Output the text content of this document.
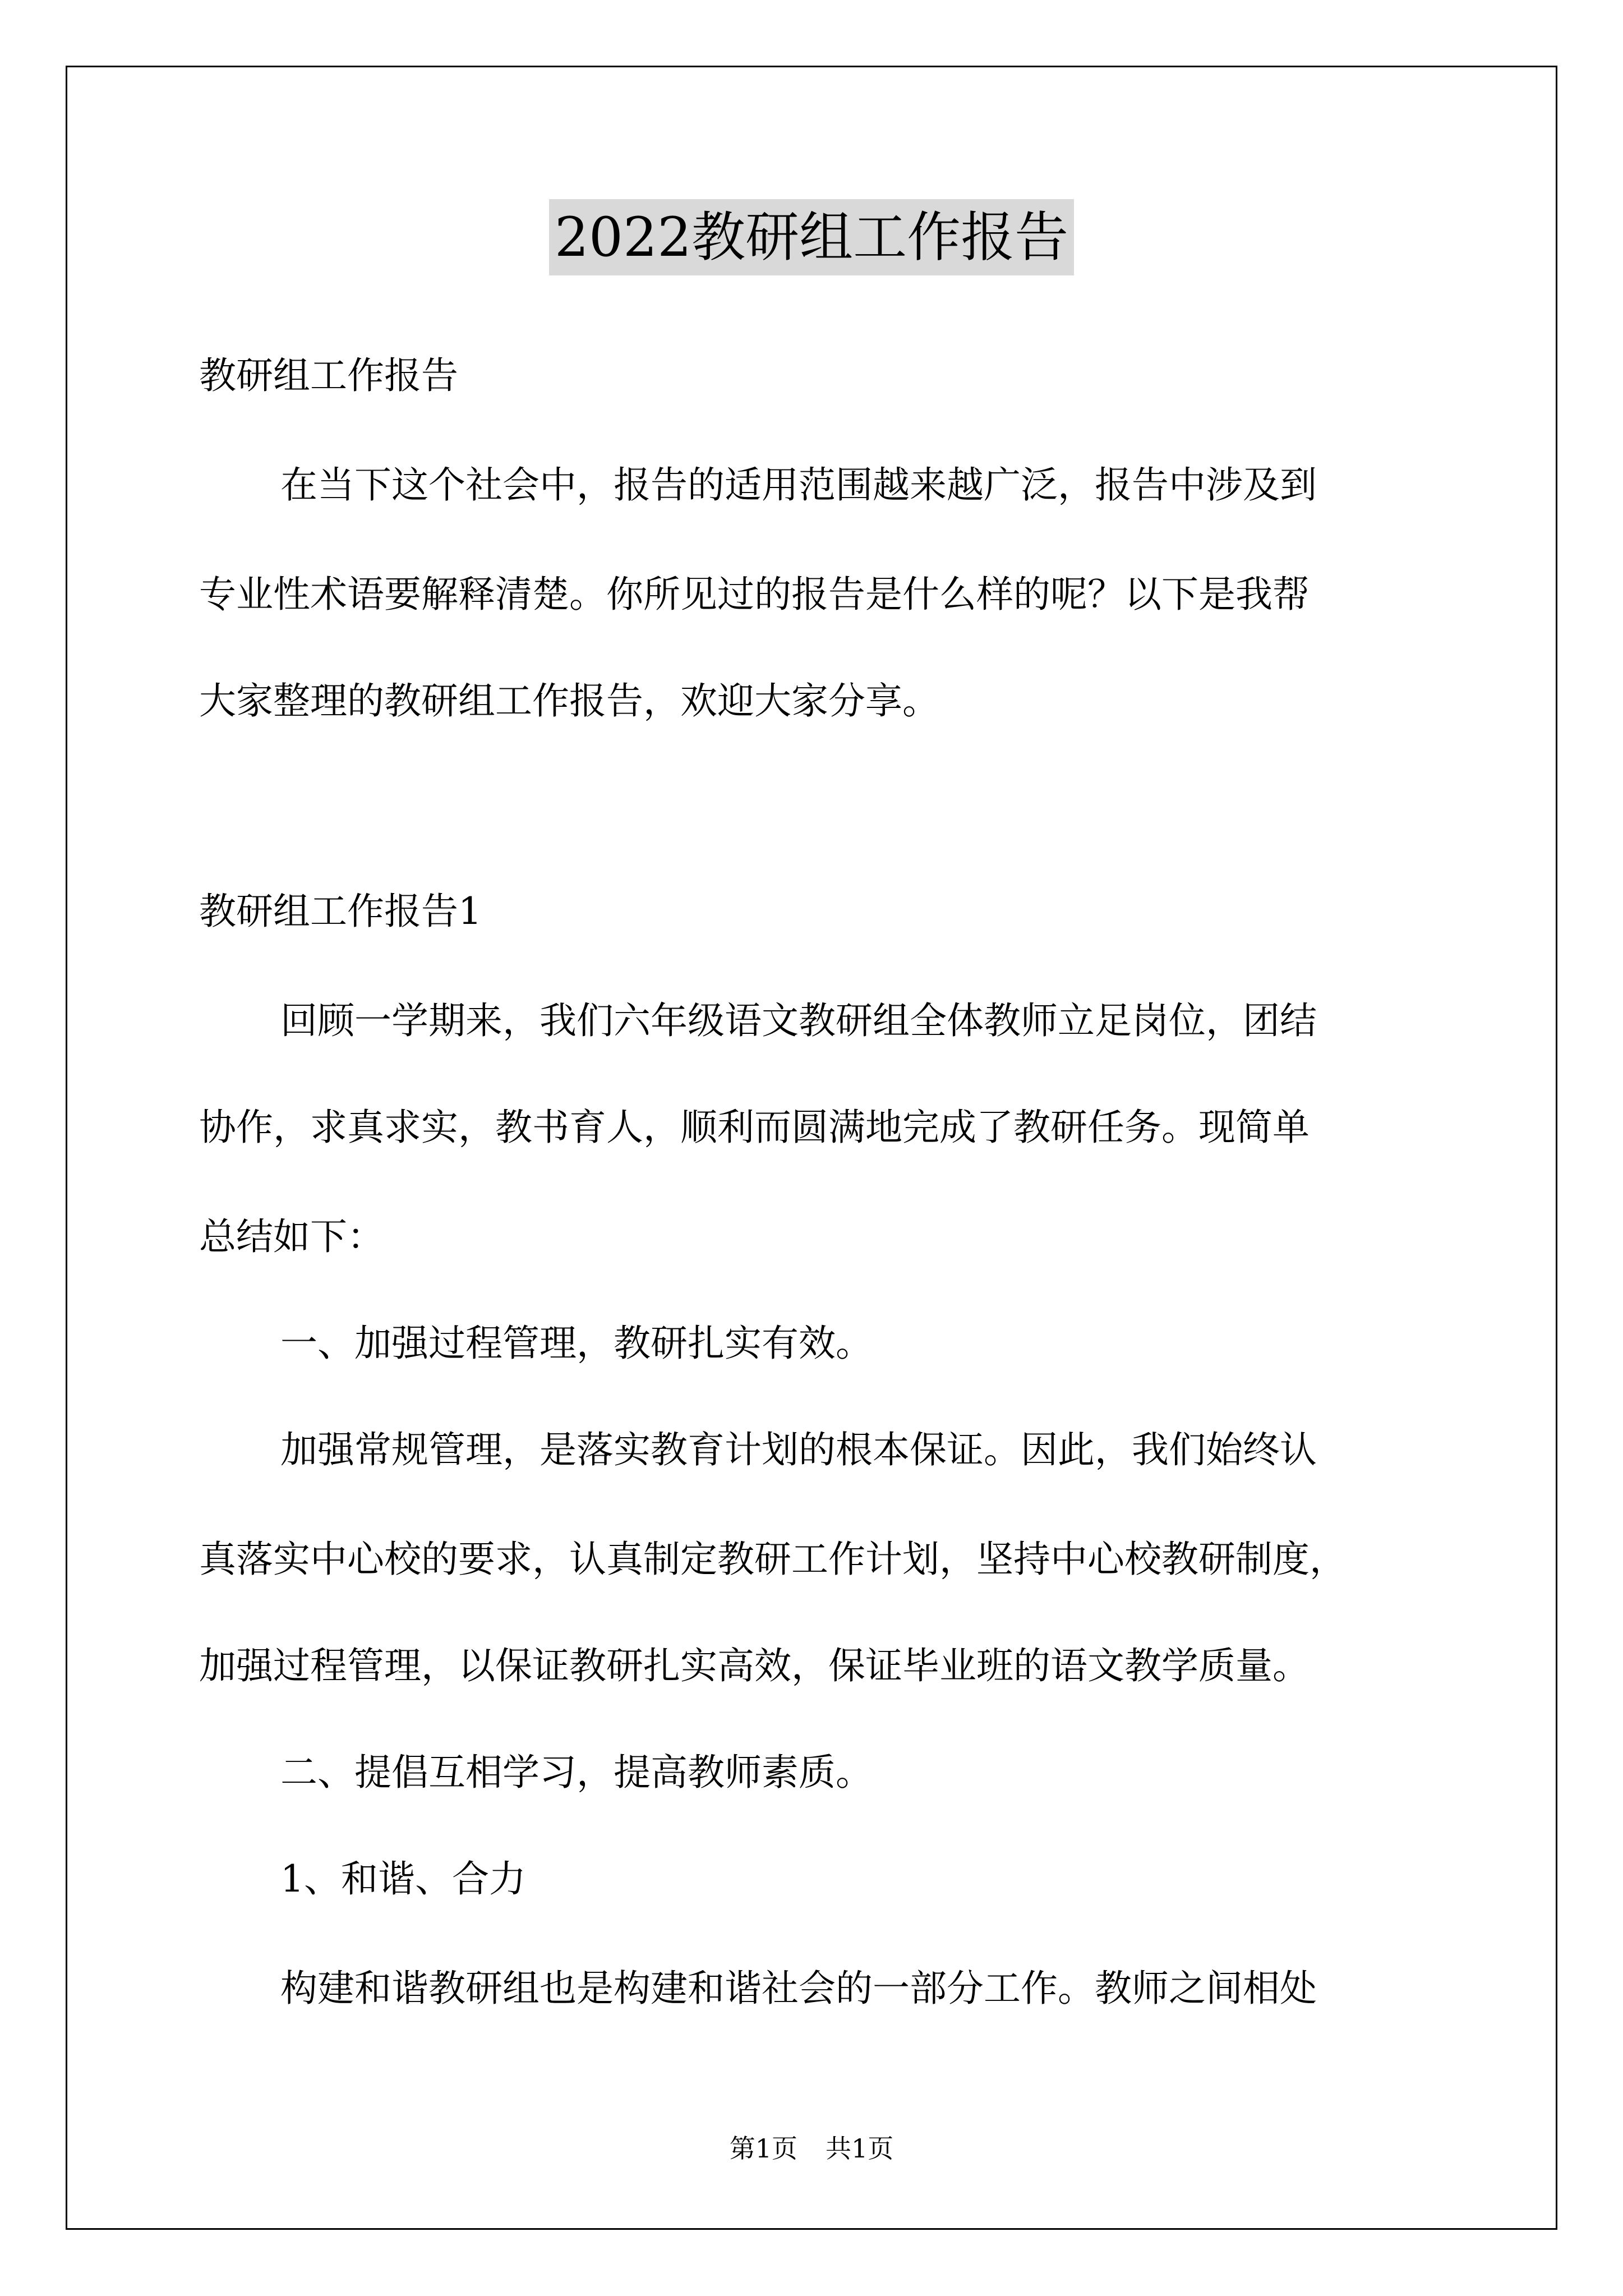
2022教研组工作报告
教研组工作报告
在当下这个社会中，报告的适用范围越来越广泛，报告中涉及到
专业性术语要解释清楚。你所见过的报告是什么样的呢？以下是我帮
大家整理的教研组工作报告，欢迎大家分享。
教研组工作报告1
回顾一学期来，我们六年级语文教研组全体教师立足岗位，团结
协作，求真求实，教书育人，顺利而圆满地完成了教研任务。现简单
总结如下：
一、加强过程管理，教研扎实有效。
加强常规管理，是落实教育计划的根本保证。因此，我们始终认
真落实中心校的要求，认真制定教研工作计划，坚持中心校教研制度，
加强过程管理，以保证教研扎实高效，保证毕业班的语文教学质量。
二、提倡互相学习，提高教师素质。
1、和谐、合力
构建和谐教研组也是构建和谐社会的一部分工作。教师之间相处
第1页 共1页
